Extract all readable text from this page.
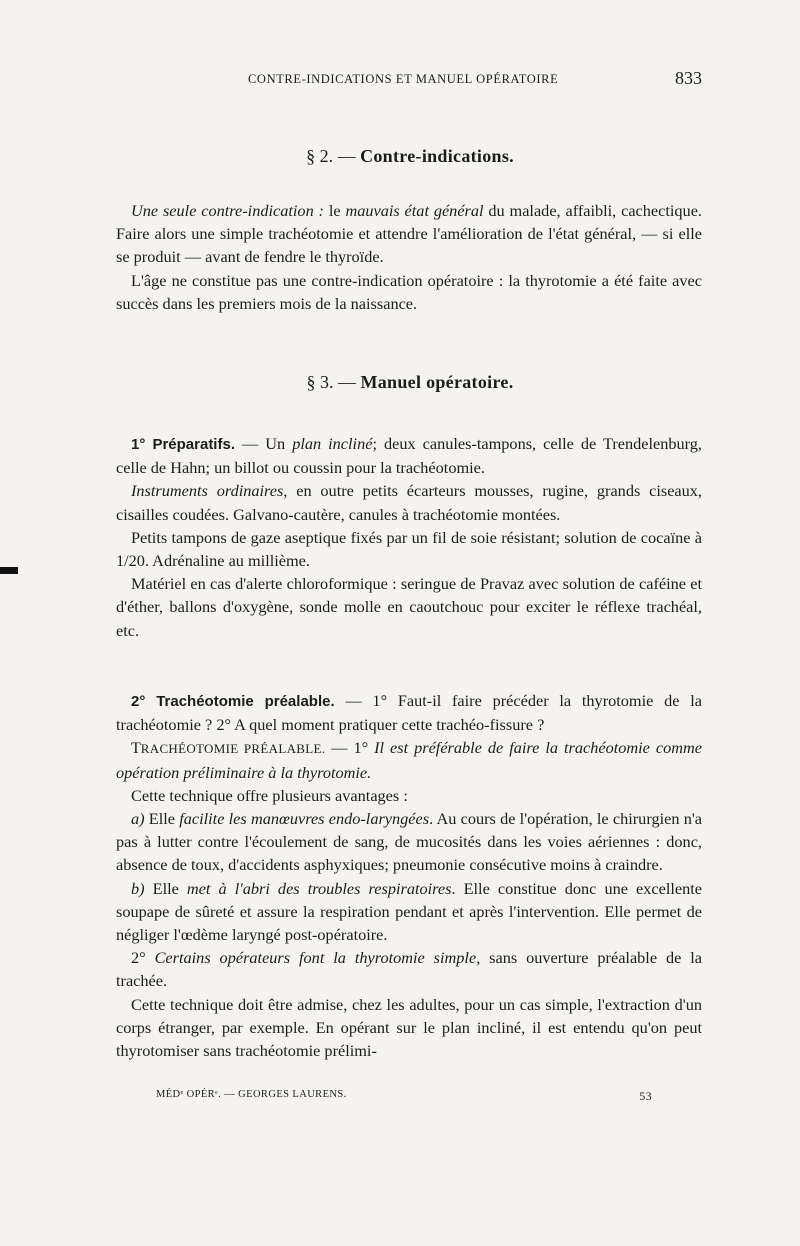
CONTRE-INDICATIONS ET MANUEL OPÉRATOIRE	833
§ 2. — Contre-indications.

Une seule contre-indication : le mauvais état général du malade, affaibli, cachectique. Faire alors une simple trachéotomie et attendre l'amélioration de l'état général, — si elle se produit — avant de fendre le thyroïde.

L'âge ne constitue pas une contre-indication opératoire : la thyrotomie a été faite avec succès dans les premiers mois de la naissance.

§ 3. — Manuel opératoire.

1° Préparatifs. — Un plan incliné; deux canules-tampons, celle de Trendelenburg, celle de Hahn; un billot ou coussin pour la trachéotomie.

Instruments ordinaires, en outre petits écarteurs mousses, rugine, grands ciseaux, cisailles coudées. Galvano-cautère, canules à trachéotomie montées.

Petits tampons de gaze aseptique fixés par un fil de soie résistant; solution de cocaïne à 1/20. Adrénaline au millième.

Matériel en cas d'alerte chloroformique : seringue de Pravaz avec solution de caféine et d'éther, ballons d'oxygène, sonde molle en caoutchouc pour exciter le réflexe trachéal, etc.

2° Trachéotomie préalable. — 1° Faut-il faire précéder la thyrotomie de la trachéotomie ? 2° A quel moment pratiquer cette trachéo-fissure ?

TRACHÉOTOMIE PRÉALABLE. — 1° Il est préférable de faire la trachéotomie comme opération préliminaire à la thyrotomie.

Cette technique offre plusieurs avantages :

a) Elle facilite les manœuvres endo-laryngées. Au cours de l'opération, le chirurgien n'a pas à lutter contre l'écoulement de sang, de mucosités dans les voies aériennes : donc, absence de toux, d'accidents asphyxiques; pneumonie consécutive moins à craindre.

b) Elle met à l'abri des troubles respiratoires. Elle constitue donc une excellente soupape de sûreté et assure la respiration pendant et après l'intervention. Elle permet de négliger l'œdème laryngé post-opératoire.

2° Certains opérateurs font la thyrotomie simple, sans ouverture préalable de la trachée.

Cette technique doit être admise, chez les adultes, pour un cas simple, l'extraction d'un corps étranger, par exemple. En opérant sur le plan incliné, il est entendu qu'on peut thyrotomiser sans trachéotomie prélimi-

MÉDᵉ OPÉRᵉ. — GEORGES LAURENS.	53
